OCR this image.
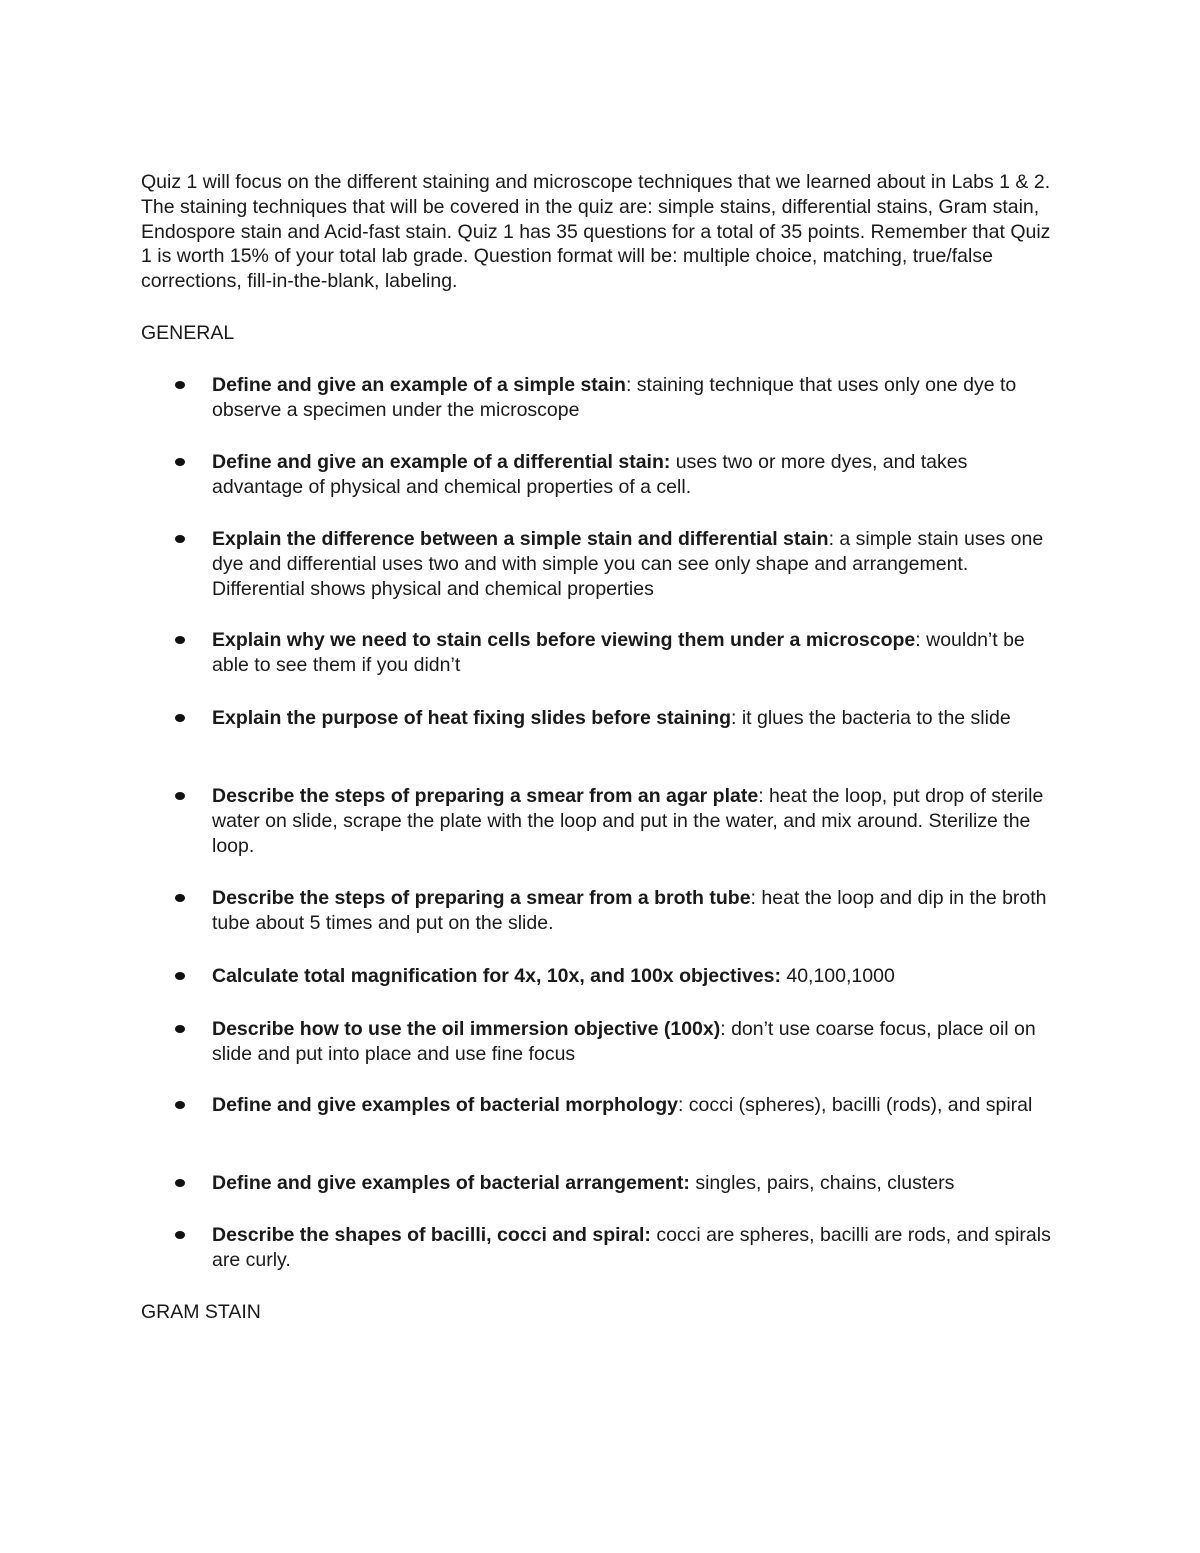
Quiz 1 will focus on the different staining and microscope techniques that we learned about in Labs 1 & 2. The staining techniques that will be covered in the quiz are: simple stains, differential stains, Gram stain, Endospore stain and Acid-fast stain. Quiz 1 has 35 questions for a total of 35 points. Remember that Quiz 1 is worth 15% of your total lab grade. Question format will be: multiple choice, matching, true/false corrections, fill-in-the-blank, labeling.

GENERAL
Define and give an example of a simple stain: staining technique that uses only one dye to observe a specimen under the microscope
Define and give an example of a differential stain: uses two or more dyes, and takes advantage of physical and chemical properties of a cell.
Explain the difference between a simple stain and differential stain: a simple stain uses one dye and differential uses two and with simple you can see only shape and arrangement. Differential shows physical and chemical properties
Explain why we need to stain cells before viewing them under a microscope: wouldn’t be able to see them if you didn’t
Explain the purpose of heat fixing slides before staining: it glues the bacteria to the slide
Describe the steps of preparing a smear from an agar plate: heat the loop, put drop of sterile water on slide, scrape the plate with the loop and put in the water, and mix around. Sterilize the loop.
Describe the steps of preparing a smear from a broth tube: heat the loop and dip in the broth tube about 5 times and put on the slide.
Calculate total magnification for 4x, 10x, and 100x objectives: 40,100,1000
Describe how to use the oil immersion objective (100x): don’t use coarse focus, place oil on slide and put into place and use fine focus
Define and give examples of bacterial morphology: cocci (spheres), bacilli (rods), and spiral
Define and give examples of bacterial arrangement: singles, pairs, chains, clusters
Describe the shapes of bacilli, cocci and spiral: cocci are spheres, bacilli are rods, and spirals are curly.
GRAM STAIN
